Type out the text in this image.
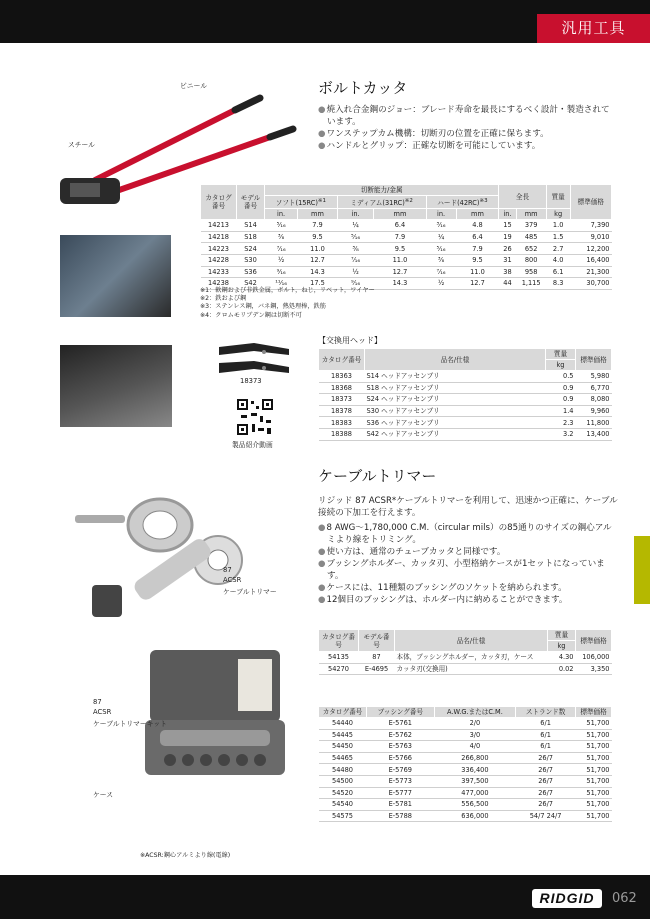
汎用工具
ビニール
スチール
ボルトカッタ
● 焼入れ合金鋼のジョー：ブレード寿命を最長にするべく設計・製造されています。
● ワンステップカム機構：切断刃の位置を正確に保ちます。
● ハンドルとグリップ：正確な切断を可能にしています。
カタログ番号	モデル番号	切断能力/金属						全長		質量	標準価格
		ソフト$(15RC)^{※1}$		ミディアム$(31RC)^{※2}$		ハード$(42RC)^{※3}$
		in.	mm	in.	mm	in.	mm	in.	mm	kg	
14213	S14	⁵⁄₁₆	7.9	¼	6.4	³⁄₁₆	4.8	15	379	1.0	7,390
14218	S18	³⁄₈	9.5	⁵⁄₁₆	7.9	¼	6.4	19	485	1.5	9,010
14223	S24	⁷⁄₁₆	11.0	³⁄₈	9.5	⁵⁄₁₆	7.9	26	652	2.7	12,200
14228	S30	½	12.7	⁷⁄₁₆	11.0	³⁄₈	9.5	31	800	4.0	16,400
14233	S36	⁹⁄₁₆	14.3	½	12.7	⁷⁄₁₆	11.0	38	958	6.1	21,300
14238	S42	¹¹⁄₁₆	17.5	⁹⁄₁₆	14.3	½	12.7	44	1,115	8.3	30,700
※1：軟鋼および非鉄金属，ボルト，ねじ，リベット，ワイヤー
※2：鉄および鋼
※3：ステンレス鋼，バネ鋼，熱処理棒，鉄筋
※4：クロムモリブデン鋼は切断不可
18373
製品紹介動画
【交換用ヘッド】
カタログ番号	品名/仕様	質量	標準価格
		kg	
18363	S14 ヘッドアッセンブリ	0.5	5,980
18368	S18 ヘッドアッセンブリ	0.9	6,770
18373	S24 ヘッドアッセンブリ	0.9	8,080
18378	S30 ヘッドアッセンブリ	1.4	9,960
18383	S36 ヘッドアッセンブリ	2.3	11,800
18388	S42 ヘッドアッセンブリ	3.2	13,400
ケーブルトリマー
リジッド 87 ACSR*ケーブルトリマーを利用して、迅速かつ正確に、ケーブル接続の下加工を行えます。
● 8 AWG～1,780,000 C.M.（circular mils）の85通りのサイズの鋼心アルミより線をトリミング。
● 使い方は、通常のチューブカッタと同様です。
● ブッシングホルダー、カッタ刃、小型格納ケースが1セットになっています。
● ケースには、11種類のブッシングのソケットを納められます。
● 12個目のブッシングは、ホルダー内に納めることができます。
87
ACSR
ケーブルトリマー
カタログ番号	モデル番号	品名/仕様	質量	標準価格
			kg	
54135	87	本体，ブッシングホルダー，カッタ刃，ケース	4.30	106,000
54270	E-4695	カッタ刃(交換用)	0.02	3,350
87
ACSR
ケーブルトリマーキット
ケース
カタログ番号	ブッシング番号	A.W.G.またはC.M.	ストランド数	標準価格
54440	E-5761	2/0	6/1	51,700
54445	E-5762	3/0	6/1	51,700
54450	E-5763	4/0	6/1	51,700
54465	E-5766	266,800	26/7	51,700
54480	E-5769	336,400	26/7	51,700
54500	E-5773	397,500	26/7	51,700
54520	E-5777	477,000	26/7	51,700
54540	E-5781	556,500	26/7	51,700
54575	E-5788	636,000	54/7 24/7	51,700
※ACSR:鋼心アルミより線(電線)
RIDGID	062
